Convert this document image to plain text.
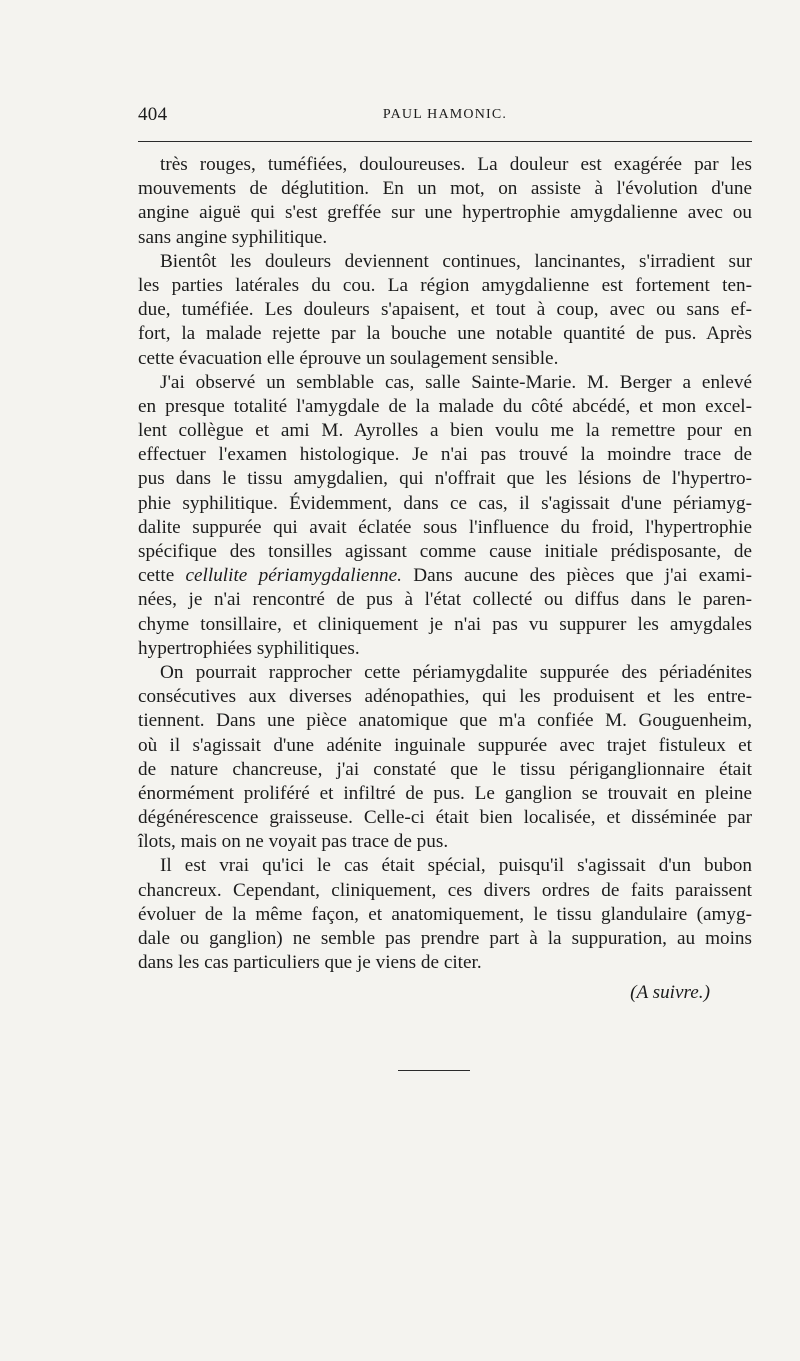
404	PAUL HAMONIC.
très rouges, tuméfiées, douloureuses. La douleur est exagérée par les
mouvements de déglutition. En un mot, on assiste à l'évolution d'une
angine aiguë qui s'est greffée sur une hypertrophie amygdalienne avec ou
sans angine syphilitique.
Bientôt les douleurs deviennent continues, lancinantes, s'irradient sur
les parties latérales du cou. La région amygdalienne est fortement ten-
due, tuméfiée. Les douleurs s'apaisent, et tout à coup, avec ou sans ef-
fort, la malade rejette par la bouche une notable quantité de pus. Après
cette évacuation elle éprouve un soulagement sensible.
J'ai observé un semblable cas, salle Sainte-Marie. M. Berger a enlevé
en presque totalité l'amygdale de la malade du côté abcédé, et mon excel-
lent collègue et ami M. Ayrolles a bien voulu me la remettre pour en
effectuer l'examen histologique. Je n'ai pas trouvé la moindre trace de
pus dans le tissu amygdalien, qui n'offrait que les lésions de l'hypertro-
phie syphilitique. Évidemment, dans ce cas, il s'agissait d'une périamyg-
dalite suppurée qui avait éclatée sous l'influence du froid, l'hypertrophie
spécifique des tonsilles agissant comme cause initiale prédisposante, de
cette cellulite périamygdalienne. Dans aucune des pièces que j'ai exami-
nées, je n'ai rencontré de pus à l'état collecté ou diffus dans le paren-
chyme tonsillaire, et cliniquement je n'ai pas vu suppurer les amygdales
hypertrophiées syphilitiques.
On pourrait rapprocher cette périamygdalite suppurée des périadénites
consécutives aux diverses adénopathies, qui les produisent et les entre-
tiennent. Dans une pièce anatomique que m'a confiée M. Gouguenheim,
où il s'agissait d'une adénite inguinale suppurée avec trajet fistuleux et
de nature chancreuse, j'ai constaté que le tissu périganglionnaire était
énormément proliféré et infiltré de pus. Le ganglion se trouvait en pleine
dégénérescence graisseuse. Celle-ci était bien localisée, et disséminée par
îlots, mais on ne voyait pas trace de pus.
Il est vrai qu'ici le cas était spécial, puisqu'il s'agissait d'un bubon
chancreux. Cependant, cliniquement, ces divers ordres de faits paraissent
évoluer de la même façon, et anatomiquement, le tissu glandulaire (amyg-
dale ou ganglion) ne semble pas prendre part à la suppuration, au moins
dans les cas particuliers que je viens de citer.
(A suivre.)
